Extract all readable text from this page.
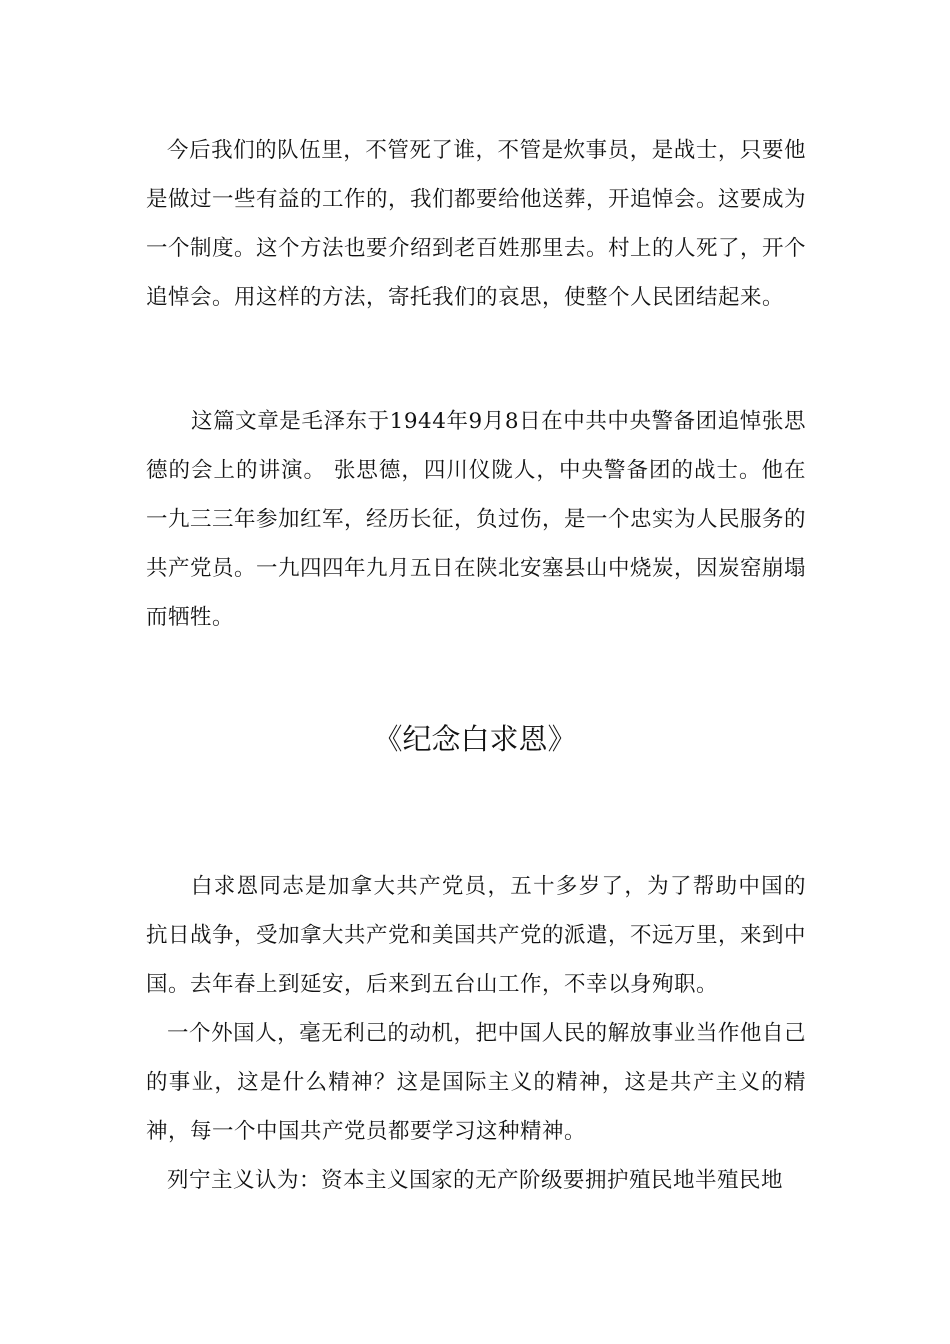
今后我们的队伍里，不管死了谁，不管是炊事员，是战士，只要他是做过一些有益的工作的，我们都要给他送葬，开追悼会。这要成为一个制度。这个方法也要介绍到老百姓那里去。村上的人死了，开个追悼会。用这样的方法，寄托我们的哀思，使整个人民团结起来。

这篇文章是毛泽东于1944年9月8日在中共中央警备团追悼张思德的会上的讲演。 张思德，四川仪陇人，中央警备团的战士。他在一九三三年参加红军，经历长征，负过伤，是一个忠实为人民服务的共产党员。一九四四年九月五日在陕北安塞县山中烧炭，因炭窑崩塌而牺牲。

《纪念白求恩》

白求恩同志是加拿大共产党员，五十多岁了，为了帮助中国的抗日战争，受加拿大共产党和美国共产党的派遣，不远万里，来到中国。去年春上到延安，后来到五台山工作，不幸以身殉职。

一个外国人，毫无利己的动机，把中国人民的解放事业当作他自己的事业，这是什么精神？这是国际主义的精神，这是共产主义的精神，每一个中国共产党员都要学习这种精神。

列宁主义认为：资本主义国家的无产阶级要拥护殖民地半殖民地
